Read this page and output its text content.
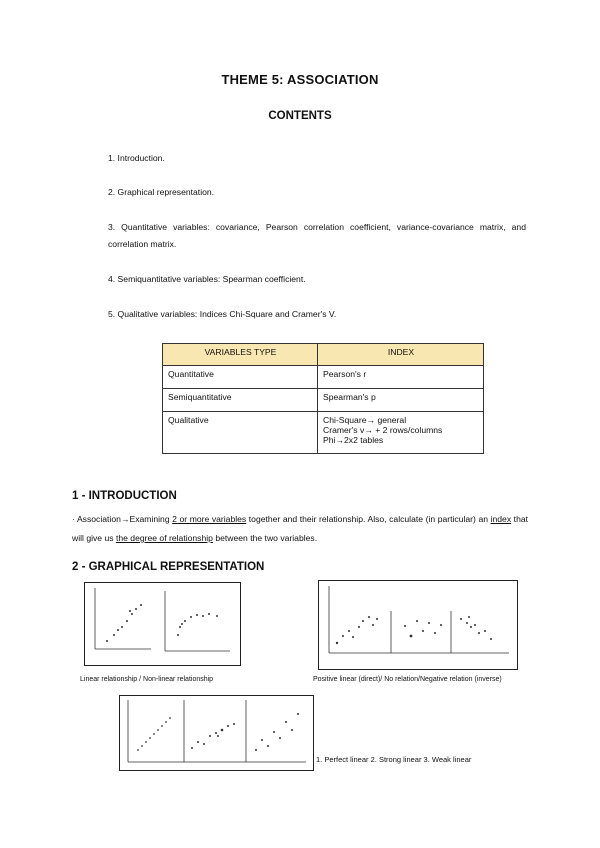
THEME 5: ASSOCIATION
CONTENTS
1. Introduction.
2. Graphical representation.
3. Quantitative variables: covariance, Pearson correlation coefficient, variance-covariance matrix, and correlation matrix.
4. Semiquantitative variables: Spearman coefficient.
5. Qualitative variables: Indices Chi-Square and Cramer's V.
VARIABLES TYPE	INDEX
Quantitative	Pearson's r
Semiquantitative	Spearman's p
Qualitative	Chi-Square→ general
Cramer's v→ + 2 rows/columns
Phi→2x2 tables
1 - INTRODUCTION
· Association→Examining 2 or more variables together and their relationship. Also, calculate (in particular) an index that will give us the degree of relationship between the two variables.
2 - GRAPHICAL REPRESENTATION
Linear relationship / Non-linear relationship	Positive linear (direct)/ No relation/Negative relation (inverse)
1. Perfect linear 2. Strong linear 3. Weak linear
